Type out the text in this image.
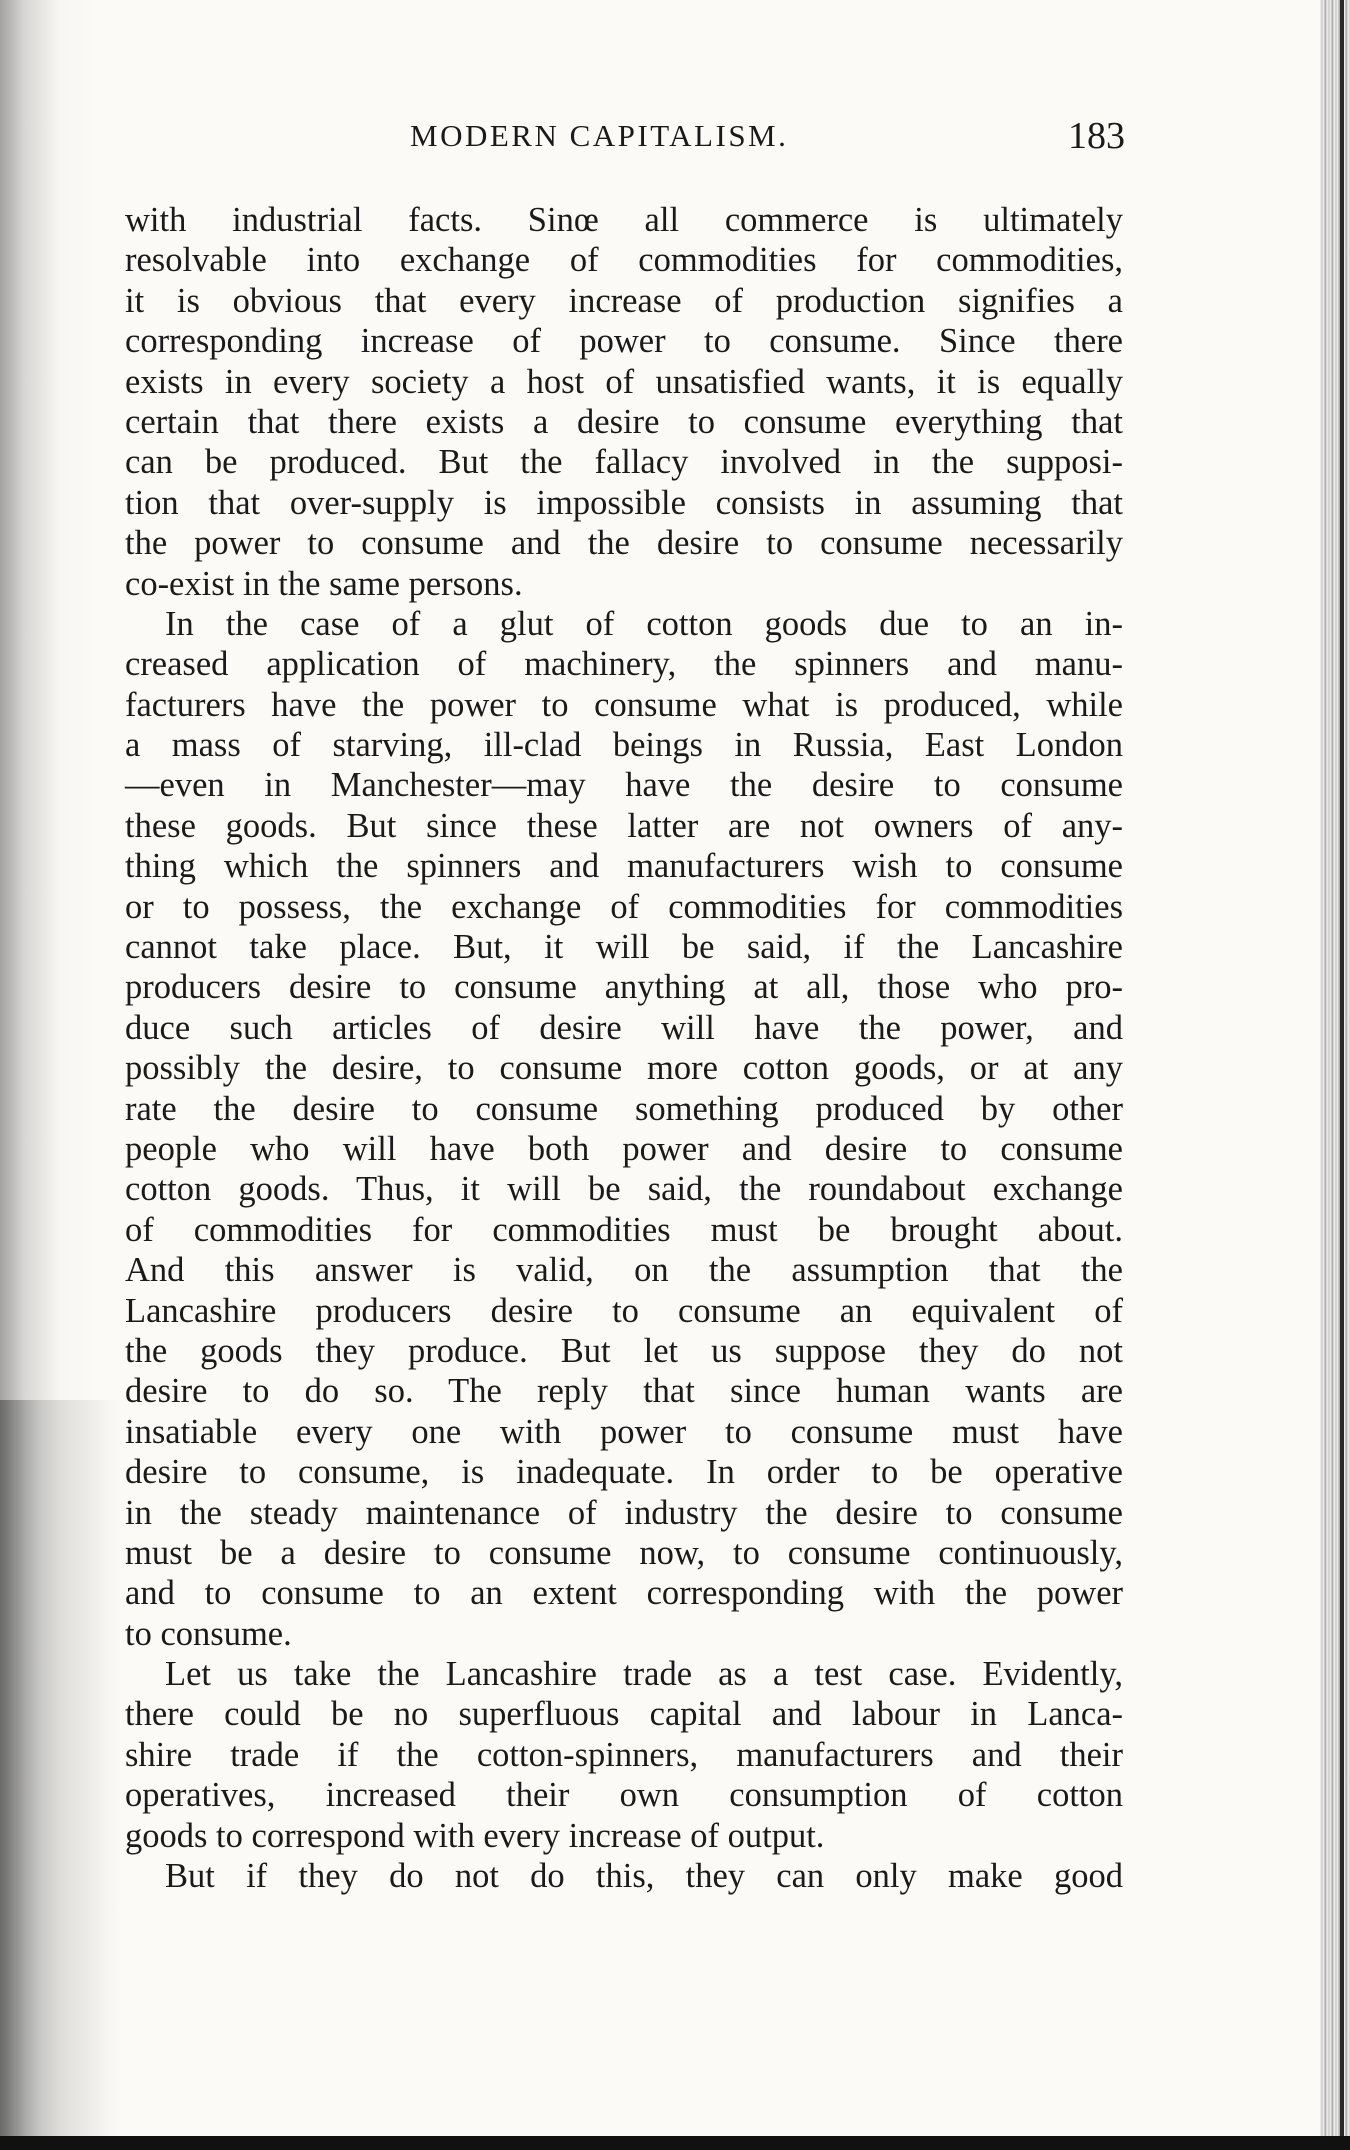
MODERN CAPITALISM.	183
with industrial facts. Sinœ all commerce is ultimately
resolvable into exchange of commodities for commodities,
it is obvious that every increase of production signifies a
corresponding increase of power to consume. Since there
exists in every society a host of unsatisfied wants, it is equally
certain that there exists a desire to consume everything that
can be produced. But the fallacy involved in the supposi-
tion that over-supply is impossible consists in assuming that
the power to consume and the desire to consume necessarily
co-exist in the same persons.
In the case of a glut of cotton goods due to an in-
creased application of machinery, the spinners and manu-
facturers have the power to consume what is produced, while
a mass of starving, ill-clad beings in Russia, East London
—even in Manchester—may have the desire to consume
these goods. But since these latter are not owners of any-
thing which the spinners and manufacturers wish to consume
or to possess, the exchange of commodities for commodities
cannot take place. But, it will be said, if the Lancashire
producers desire to consume anything at all, those who pro-
duce such articles of desire will have the power, and
possibly the desire, to consume more cotton goods, or at any
rate the desire to consume something produced by other
people who will have both power and desire to consume
cotton goods. Thus, it will be said, the roundabout exchange
of commodities for commodities must be brought about.
And this answer is valid, on the assumption that the
Lancashire producers desire to consume an equivalent of
the goods they produce. But let us suppose they do not
desire to do so. The reply that since human wants are
insatiable every one with power to consume must have
desire to consume, is inadequate. In order to be operative
in the steady maintenance of industry the desire to consume
must be a desire to consume now, to consume continuously,
and to consume to an extent corresponding with the power
to consume.
Let us take the Lancashire trade as a test case. Evidently,
there could be no superfluous capital and labour in Lanca-
shire trade if the cotton-spinners, manufacturers and their
operatives, increased their own consumption of cotton
goods to correspond with every increase of output.
But if they do not do this, they can only make good
